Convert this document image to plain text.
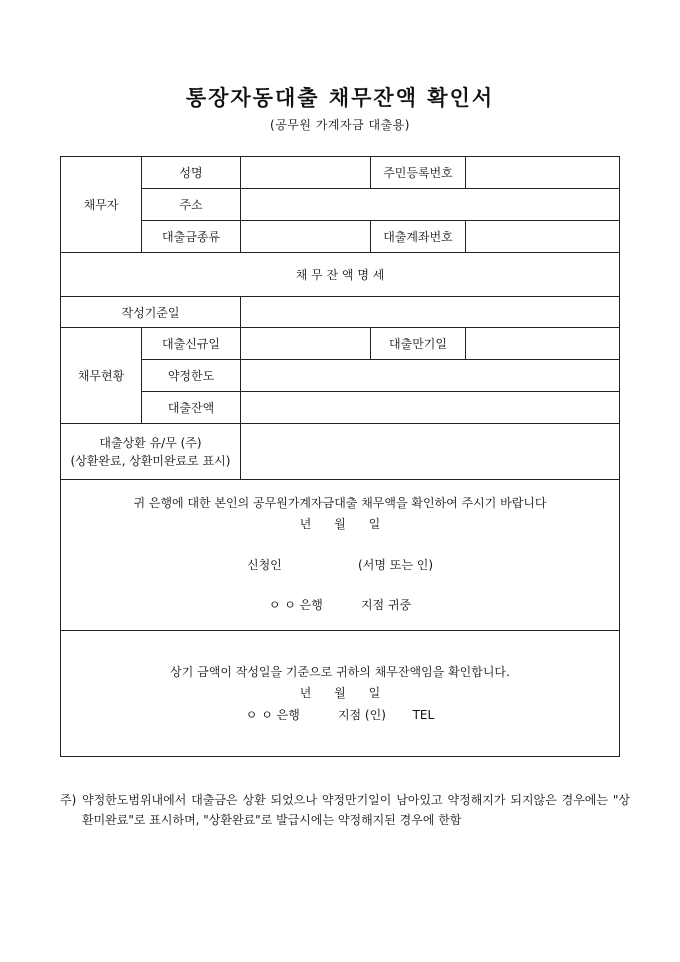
통장자동대출 채무잔액 확인서
(공무원 가계자금 대출용)
채무자	성명		주민등록번호	
	주소			
	대출금종류		대출계좌번호	
채 무 잔 액 명 세				
작성기준일				
채무현황	대출신규일		대출만기일	
	약정한도			
	대출잔액			

대출상환 유/무 (주)
(상환완료, 상환미완료로 표시)				

귀 은행에 대한 본인의 공무원가계자금대출 채무액을 확인하여 주시기 바랍니다
년      월      일
신청인                    (서명 또는 인)
ㅇ ㅇ 은행          지점 귀중				

상기 금액이 작성일을 기준으로 귀하의 채무잔액임을 확인합니다.
년      월      일
ㅇ ㅇ 은행          지점 (인)       TEL				
주) 약정한도범위내에서 대출금은 상환 되었으나 약정만기일이 남아있고 약정해지가 되지않은 경우에는 "상환미완료"로 표시하며, "상환완료"로 발급시에는 약정해지된 경우에 한함
